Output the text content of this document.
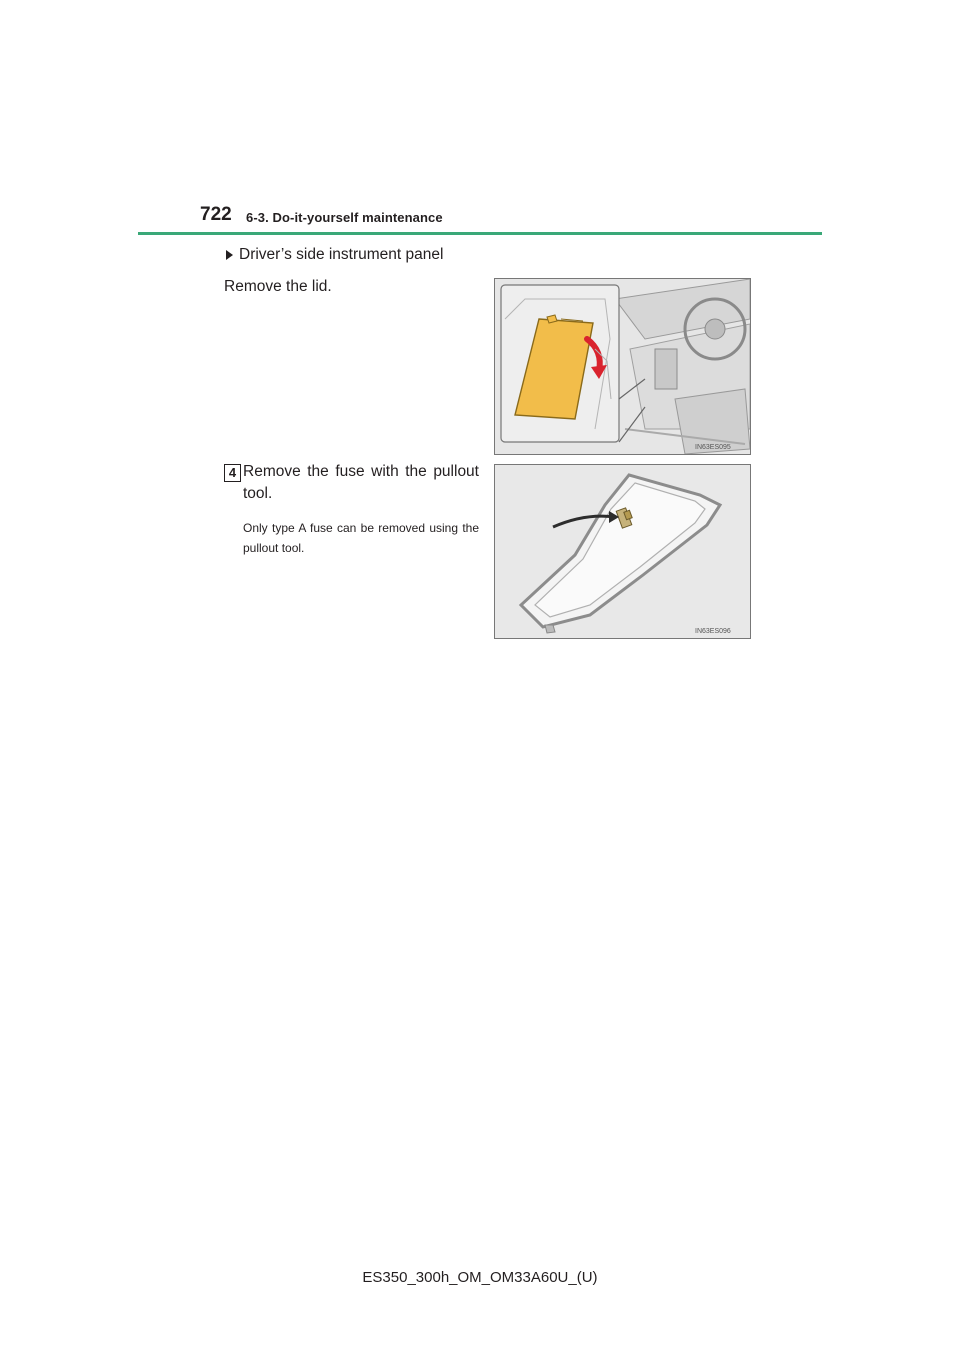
722 6-3. Do-it-yourself maintenance
Driver’s side instrument panel
Remove the lid.
IN63ES095
4 Remove the fuse with the pullout tool.
Only type A fuse can be removed using the pullout tool.
IN63ES096
ES350_300h_OM_OM33A60U_(U)
